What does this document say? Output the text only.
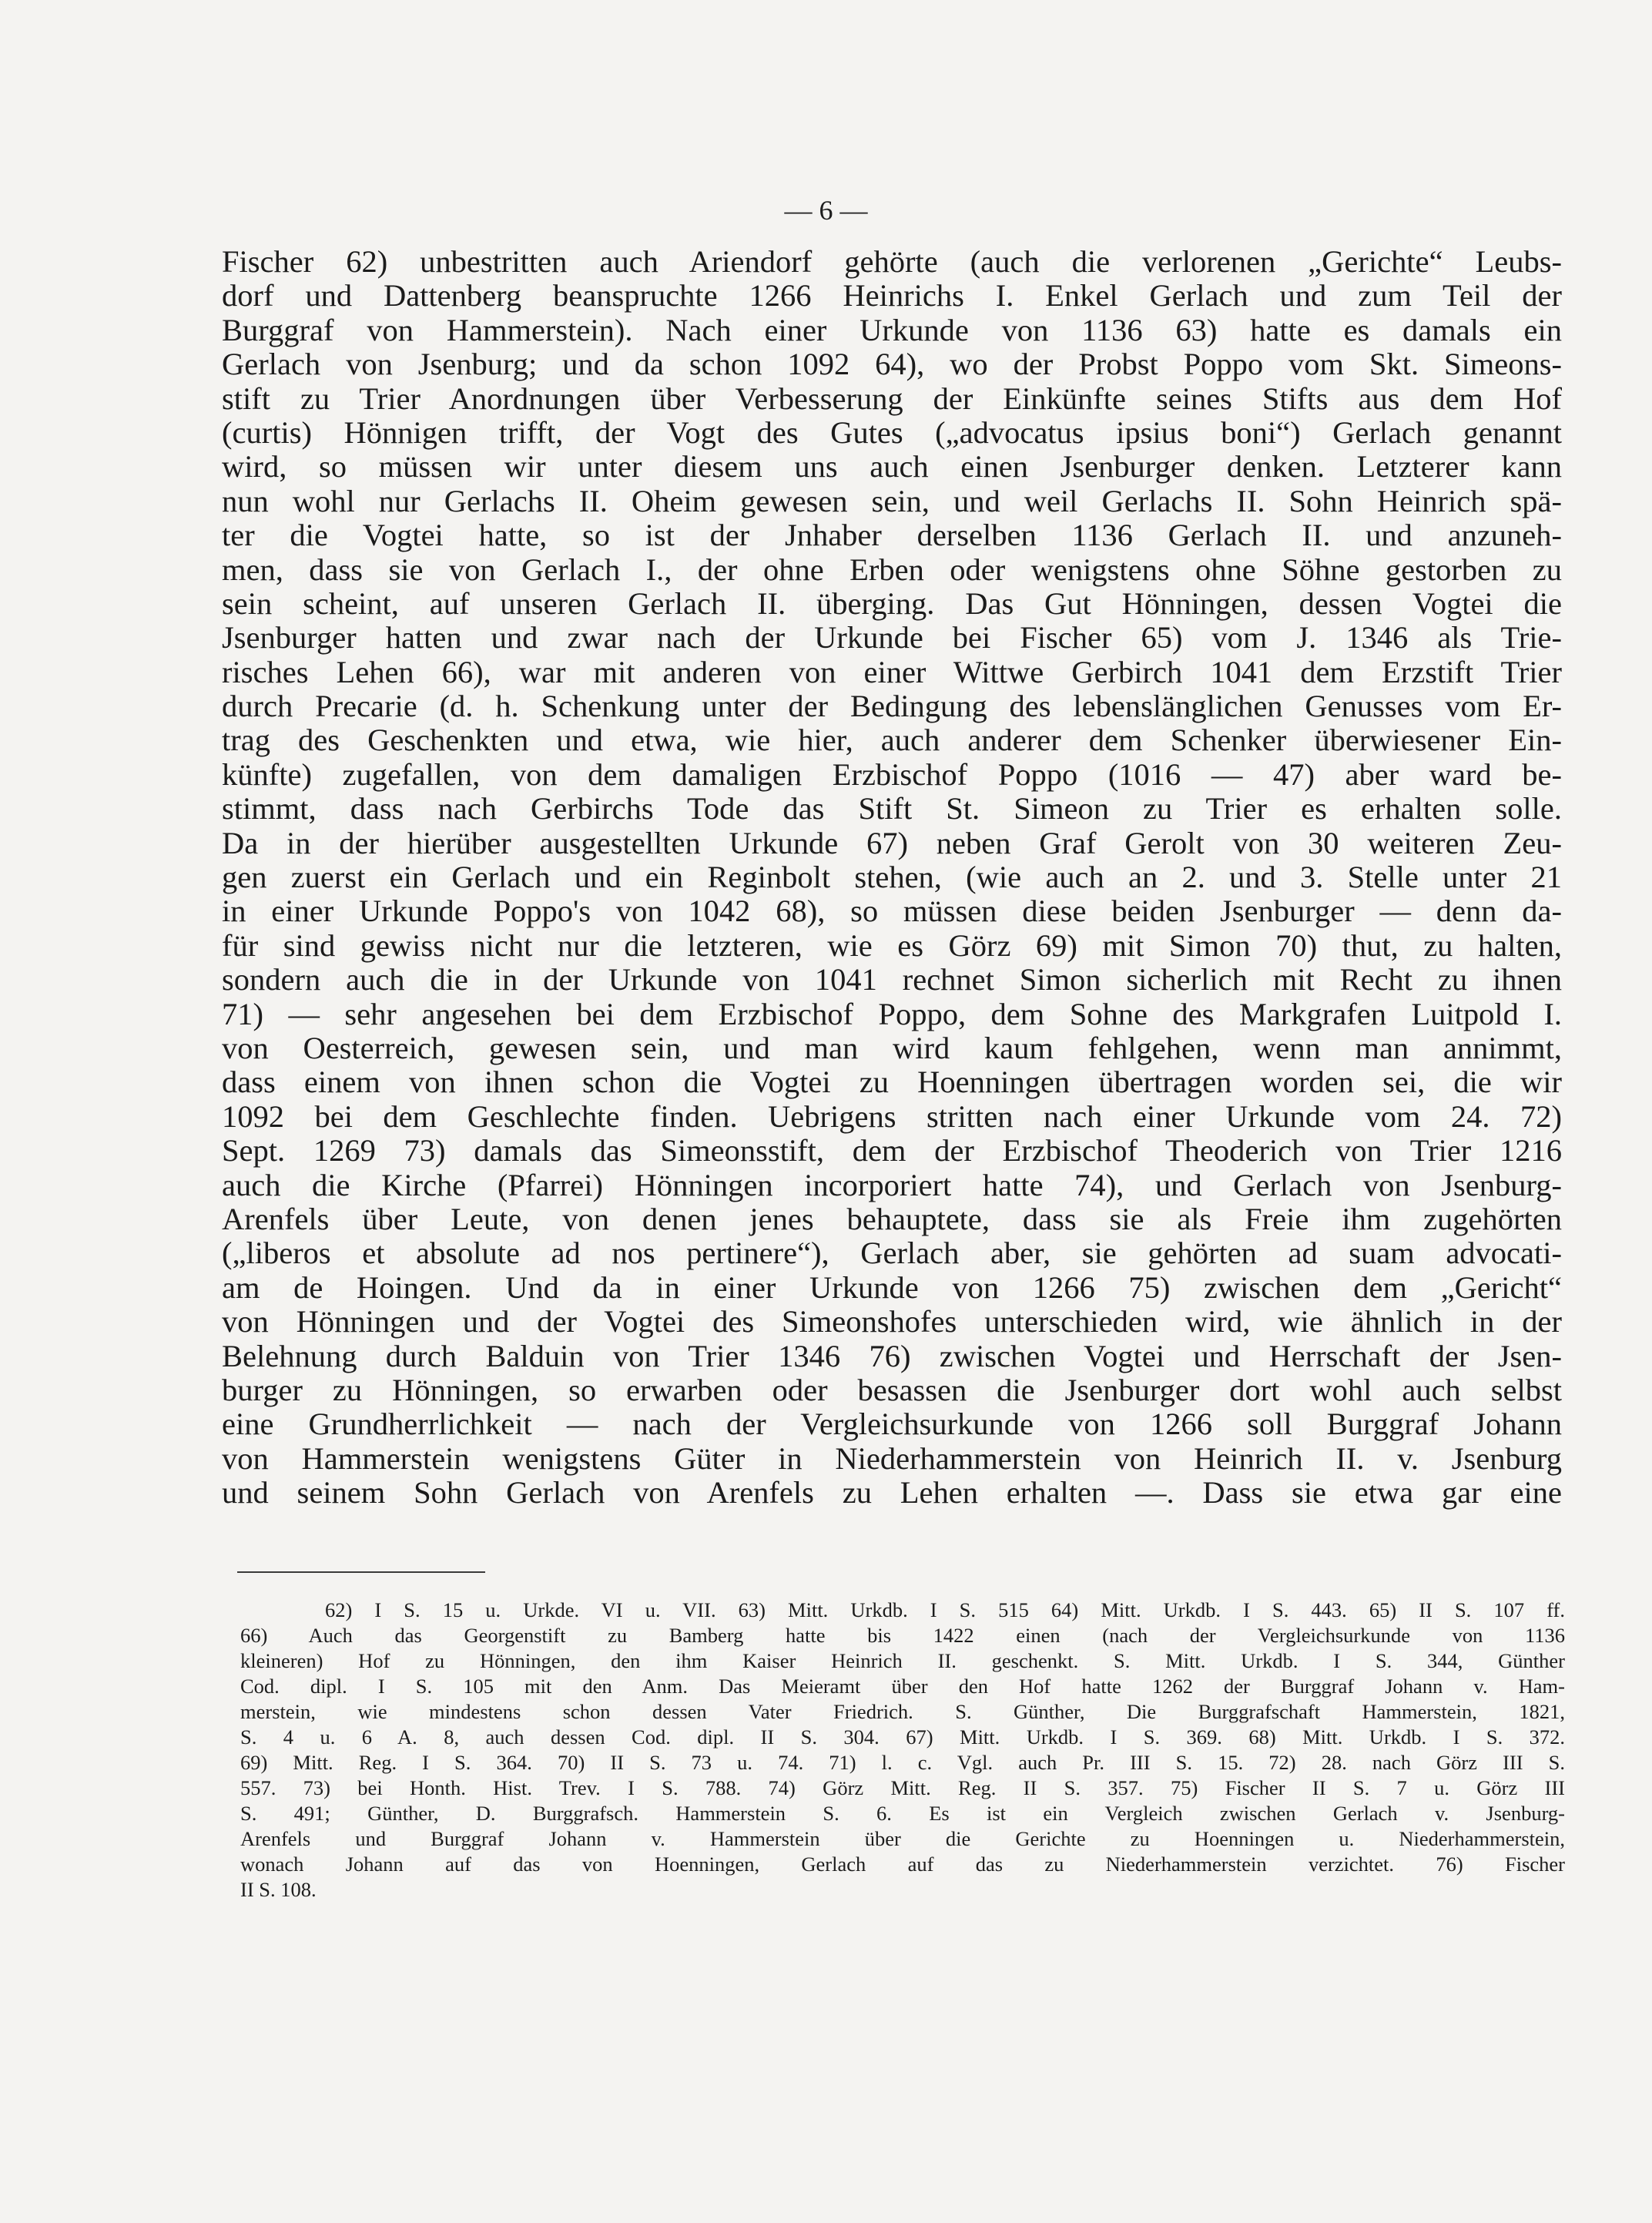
— 6 —
Fischer 62) unbestritten auch Ariendorf gehörte (auch die verlorenen „Gerichte“ Leubs-
dorf und Dattenberg beanspruchte 1266 Heinrichs I. Enkel Gerlach und zum Teil der
Burggraf von Hammerstein). Nach einer Urkunde von 1136 63) hatte es damals ein
Gerlach von Jsenburg; und da schon 1092 64), wo der Probst Poppo vom Skt. Simeons-
stift zu Trier Anordnungen über Verbesserung der Einkünfte seines Stifts aus dem Hof
(curtis) Hönnigen trifft, der Vogt des Gutes („advocatus ipsius boni“) Gerlach genannt
wird, so müssen wir unter diesem uns auch einen Jsenburger denken. Letzterer kann
nun wohl nur Gerlachs II. Oheim gewesen sein, und weil Gerlachs II. Sohn Heinrich spä-
ter die Vogtei hatte, so ist der Jnhaber derselben 1136 Gerlach II. und anzuneh-
men, dass sie von Gerlach I., der ohne Erben oder wenigstens ohne Söhne gestorben zu
sein scheint, auf unseren Gerlach II. überging. Das Gut Hönningen, dessen Vogtei die
Jsenburger hatten und zwar nach der Urkunde bei Fischer 65) vom J. 1346 als Trie-
risches Lehen 66), war mit anderen von einer Wittwe Gerbirch 1041 dem Erzstift Trier
durch Precarie (d. h. Schenkung unter der Bedingung des lebenslänglichen Genusses vom Er-
trag des Geschenkten und etwa, wie hier, auch anderer dem Schenker überwiesener Ein-
künfte) zugefallen, von dem damaligen Erzbischof Poppo (1016 — 47) aber ward be-
stimmt, dass nach Gerbirchs Tode das Stift St. Simeon zu Trier es erhalten solle.
Da in der hierüber ausgestellten Urkunde 67) neben Graf Gerolt von 30 weiteren Zeu-
gen zuerst ein Gerlach und ein Reginbolt stehen, (wie auch an 2. und 3. Stelle unter 21
in einer Urkunde Poppo's von 1042 68), so müssen diese beiden Jsenburger — denn da-
für sind gewiss nicht nur die letzteren, wie es Görz 69) mit Simon 70) thut, zu halten,
sondern auch die in der Urkunde von 1041 rechnet Simon sicherlich mit Recht zu ihnen
71) — sehr angesehen bei dem Erzbischof Poppo, dem Sohne des Markgrafen Luitpold I.
von Oesterreich, gewesen sein, und man wird kaum fehlgehen, wenn man annimmt,
dass einem von ihnen schon die Vogtei zu Hoenningen übertragen worden sei, die wir
1092 bei dem Geschlechte finden. Uebrigens stritten nach einer Urkunde vom 24. 72)
Sept. 1269 73) damals das Simeonsstift, dem der Erzbischof Theoderich von Trier 1216
auch die Kirche (Pfarrei) Hönningen incorporiert hatte 74), und Gerlach von Jsenburg-
Arenfels über Leute, von denen jenes behauptete, dass sie als Freie ihm zugehörten
(„liberos et absolute ad nos pertinere“), Gerlach aber, sie gehörten ad suam advocati-
am de Hoingen. Und da in einer Urkunde von 1266 75) zwischen dem „Gericht“
von Hönningen und der Vogtei des Simeonshofes unterschieden wird, wie ähnlich in der
Belehnung durch Balduin von Trier 1346 76) zwischen Vogtei und Herrschaft der Jsen-
burger zu Hönningen, so erwarben oder besassen die Jsenburger dort wohl auch selbst
eine Grundherrlichkeit — nach der Vergleichsurkunde von 1266 soll Burggraf Johann
von Hammerstein wenigstens Güter in Niederhammerstein von Heinrich II. v. Jsenburg
und seinem Sohn Gerlach von Arenfels zu Lehen erhalten —. Dass sie etwa gar eine
62) I S. 15 u. Urkde. VI u. VII. 63) Mitt. Urkdb. I S. 515 64) Mitt. Urkdb. I S. 443. 65) II S. 107 ff.
66) Auch das Georgenstift zu Bamberg hatte bis 1422 einen (nach der Vergleichsurkunde von 1136
kleineren) Hof zu Hönningen, den ihm Kaiser Heinrich II. geschenkt. S. Mitt. Urkdb. I S. 344, Günther
Cod. dipl. I S. 105 mit den Anm. Das Meieramt über den Hof hatte 1262 der Burggraf Johann v. Ham-
merstein, wie mindestens schon dessen Vater Friedrich. S. Günther, Die Burggrafschaft Hammerstein, 1821,
S. 4 u. 6 A. 8, auch dessen Cod. dipl. II S. 304. 67) Mitt. Urkdb. I S. 369. 68) Mitt. Urkdb. I S. 372.
69) Mitt. Reg. I S. 364. 70) II S. 73 u. 74. 71) l. c. Vgl. auch Pr. III S. 15. 72) 28. nach Görz III S.
557. 73) bei Honth. Hist. Trev. I S. 788. 74) Görz Mitt. Reg. II S. 357. 75) Fischer II S. 7 u. Görz III
S. 491; Günther, D. Burggrafsch. Hammerstein S. 6. Es ist ein Vergleich zwischen Gerlach v. Jsenburg-
Arenfels und Burggraf Johann v. Hammerstein über die Gerichte zu Hoenningen u. Niederhammerstein,
wonach Johann auf das von Hoenningen, Gerlach auf das zu Niederhammerstein verzichtet. 76) Fischer
II S. 108.
